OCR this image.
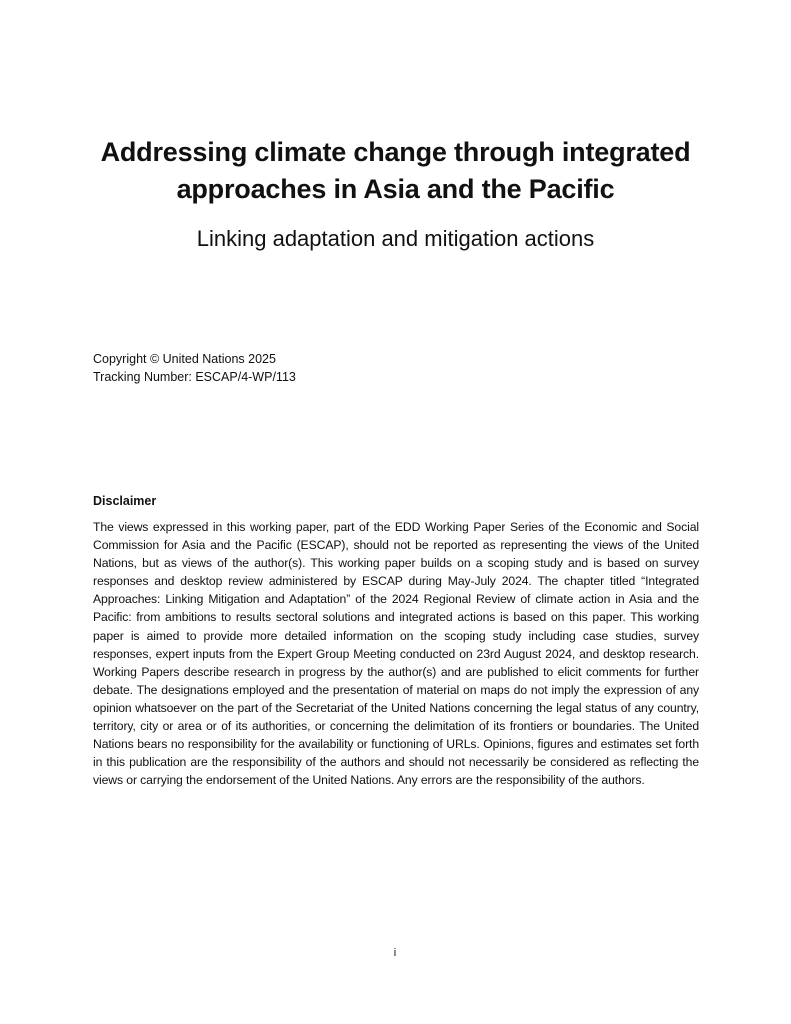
Addressing climate change through integrated
approaches in Asia and the Pacific
Linking adaptation and mitigation actions
Copyright © United Nations 2025
Tracking Number: ESCAP/4-WP/113
Disclaimer

The views expressed in this working paper, part of the EDD Working Paper Series of the Economic and Social Commission for Asia and the Pacific (ESCAP), should not be reported as representing the views of the United Nations, but as views of the author(s). This working paper builds on a scoping study and is based on survey responses and desktop review administered by ESCAP during May-July 2024. The chapter titled “Integrated Approaches: Linking Mitigation and Adaptation” of the 2024 Regional Review of climate action in Asia and the Pacific: from ambitions to results sectoral solutions and integrated actions is based on this paper. This working paper is aimed to provide more detailed information on the scoping study including case studies, survey responses, expert inputs from the Expert Group Meeting conducted on 23rd August 2024, and desktop research. Working Papers describe research in progress by the author(s) and are published to elicit comments for further debate. The designations employed and the presentation of material on maps do not imply the expression of any opinion whatsoever on the part of the Secretariat of the United Nations concerning the legal status of any country, territory, city or area or of its authorities, or concerning the delimitation of its frontiers or boundaries. The United Nations bears no responsibility for the availability or functioning of URLs. Opinions, figures and estimates set forth in this publication are the responsibility of the authors and should not necessarily be considered as reflecting the views or carrying the endorsement of the United Nations. Any errors are the responsibility of the authors.

i
